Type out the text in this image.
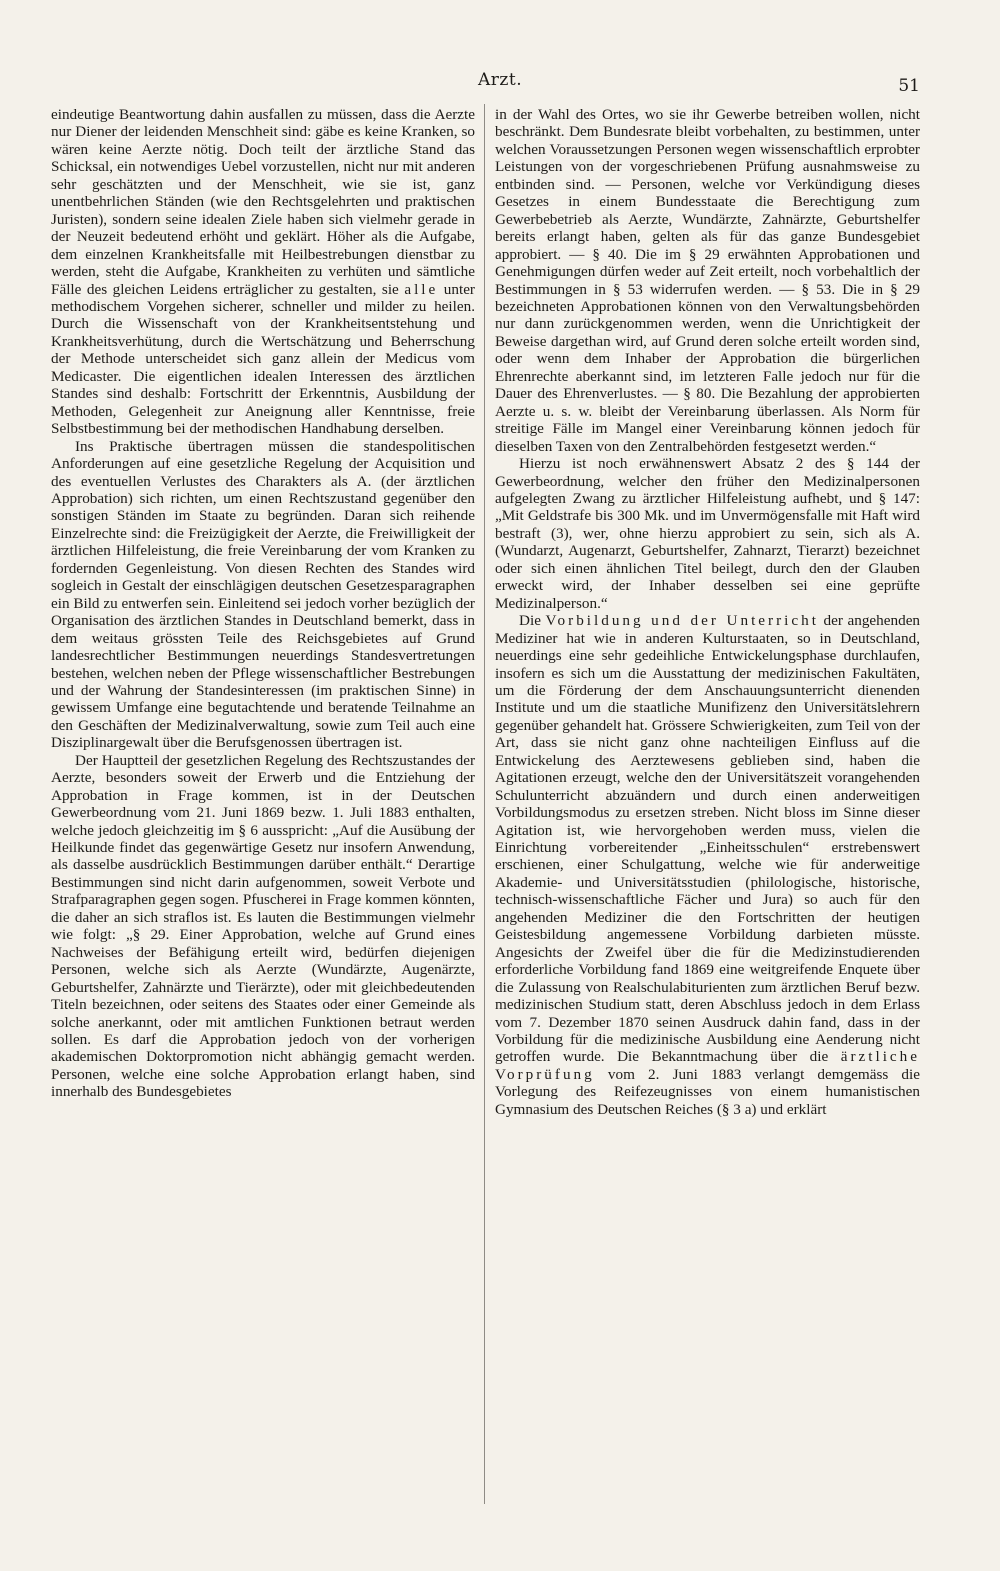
Arzt.	51

eindeutige Beantwortung dahin ausfallen zu müssen, dass die Aerzte nur Diener der leidenden Menschheit sind: gäbe es keine Kranken, so wären keine Aerzte nötig. Doch teilt der ärztliche Stand das Schicksal, ein notwendiges Uebel vorzustellen, nicht nur mit anderen sehr geschätzten und der Menschheit, wie sie ist, ganz unentbehrlichen Ständen (wie den Rechtsgelehrten und praktischen Juristen), sondern seine idealen Ziele haben sich vielmehr gerade in der Neuzeit bedeutend erhöht und geklärt. Höher als die Aufgabe, dem einzelnen Krankheitsfalle mit Heilbestrebungen dienstbar zu werden, steht die Aufgabe, Krankheiten zu verhüten und sämtliche Fälle des gleichen Leidens erträglicher zu gestalten, sie alle unter methodischem Vorgehen sicherer, schneller und milder zu heilen. Durch die Wissenschaft von der Krankheitsentstehung und Krankheitsverhütung, durch die Wertschätzung und Beherrschung der Methode unterscheidet sich ganz allein der Medicus vom Medicaster. Die eigentlichen idealen Interessen des ärztlichen Standes sind deshalb: Fortschritt der Erkenntnis, Ausbildung der Methoden, Gelegenheit zur Aneignung aller Kenntnisse, freie Selbstbestimmung bei der methodischen Handhabung derselben.

Ins Praktische übertragen müssen die standespolitischen Anforderungen auf eine gesetzliche Regelung der Acquisition und des eventuellen Verlustes des Charakters als A. (der ärztlichen Approbation) sich richten, um einen Rechtszustand gegenüber den sonstigen Ständen im Staate zu begründen. Daran sich reihende Einzelrechte sind: die Freizügigkeit der Aerzte, die Freiwilligkeit der ärztlichen Hilfeleistung, die freie Vereinbarung der vom Kranken zu fordernden Gegenleistung. Von diesen Rechten des Standes wird sogleich in Gestalt der einschlägigen deutschen Gesetzesparagraphen ein Bild zu entwerfen sein. Einleitend sei jedoch vorher bezüglich der Organisation des ärztlichen Standes in Deutschland bemerkt, dass in dem weitaus grössten Teile des Reichsgebietes auf Grund landesrechtlicher Bestimmungen neuerdings Standesvertretungen bestehen, welchen neben der Pflege wissenschaftlicher Bestrebungen und der Wahrung der Standesinteressen (im praktischen Sinne) in gewissem Umfange eine begutachtende und beratende Teilnahme an den Geschäften der Medizinalverwaltung, sowie zum Teil auch eine Disziplinargewalt über die Berufsgenossen übertragen ist.

Der Hauptteil der gesetzlichen Regelung des Rechtszustandes der Aerzte, besonders soweit der Erwerb und die Entziehung der Approbation in Frage kommen, ist in der Deutschen Gewerbeordnung vom 21. Juni 1869 bezw. 1. Juli 1883 enthalten, welche jedoch gleichzeitig im § 6 ausspricht: „Auf die Ausübung der Heilkunde findet das gegenwärtige Gesetz nur insofern Anwendung, als dasselbe ausdrücklich Bestimmungen darüber enthält.“ Derartige Bestimmungen sind nicht darin aufgenommen, soweit Verbote und Strafparagraphen gegen sogen. Pfuscherei in Frage kommen könnten, die daher an sich straflos ist. Es lauten die Bestimmungen vielmehr wie folgt: „§ 29. Einer Approbation, welche auf Grund eines Nachweises der Befähigung erteilt wird, bedürfen diejenigen Personen, welche sich als Aerzte (Wundärzte, Augenärzte, Geburtshelfer, Zahnärzte und Tierärzte), oder mit gleichbedeutenden Titeln bezeichnen, oder seitens des Staates oder einer Gemeinde als solche anerkannt, oder mit amtlichen Funktionen betraut werden sollen. Es darf die Approbation jedoch von der vorherigen akademischen Doktorpromotion nicht abhängig gemacht werden. Personen, welche eine solche Approbation erlangt haben, sind innerhalb des Bundesgebietes

in der Wahl des Ortes, wo sie ihr Gewerbe betreiben wollen, nicht beschränkt. Dem Bundesrate bleibt vorbehalten, zu bestimmen, unter welchen Voraussetzungen Personen wegen wissenschaftlich erprobter Leistungen von der vorgeschriebenen Prüfung ausnahmsweise zu entbinden sind. — Personen, welche vor Verkündigung dieses Gesetzes in einem Bundesstaate die Berechtigung zum Gewerbebetrieb als Aerzte, Wundärzte, Zahnärzte, Geburtshelfer bereits erlangt haben, gelten als für das ganze Bundesgebiet approbiert. — § 40. Die im § 29 erwähnten Approbationen und Genehmigungen dürfen weder auf Zeit erteilt, noch vorbehaltlich der Bestimmungen in § 53 widerrufen werden. — § 53. Die in § 29 bezeichneten Approbationen können von den Verwaltungsbehörden nur dann zurückgenommen werden, wenn die Unrichtigkeit der Beweise dargethan wird, auf Grund deren solche erteilt worden sind, oder wenn dem Inhaber der Approbation die bürgerlichen Ehrenrechte aberkannt sind, im letzteren Falle jedoch nur für die Dauer des Ehrenverlustes. — § 80. Die Bezahlung der approbierten Aerzte u. s. w. bleibt der Vereinbarung überlassen. Als Norm für streitige Fälle im Mangel einer Vereinbarung können jedoch für dieselben Taxen von den Zentralbehörden festgesetzt werden.“

Hierzu ist noch erwähnenswert Absatz 2 des § 144 der Gewerbeordnung, welcher den früher den Medizinalpersonen aufgelegten Zwang zu ärztlicher Hilfeleistung aufhebt, und § 147: „Mit Geldstrafe bis 300 Mk. und im Unvermögensfalle mit Haft wird bestraft (3), wer, ohne hierzu approbiert zu sein, sich als A. (Wundarzt, Augenarzt, Geburtshelfer, Zahnarzt, Tierarzt) bezeichnet oder sich einen ähnlichen Titel beilegt, durch den der Glauben erweckt wird, der Inhaber desselben sei eine geprüfte Medizinalperson.“

Die Vorbildung und der Unterricht der angehenden Mediziner hat wie in anderen Kulturstaaten, so in Deutschland, neuerdings eine sehr gedeihliche Entwickelungsphase durchlaufen, insofern es sich um die Ausstattung der medizinischen Fakultäten, um die Förderung der dem Anschauungsunterricht dienenden Institute und um die staatliche Munifizenz den Universitätslehrern gegenüber gehandelt hat. Grössere Schwierigkeiten, zum Teil von der Art, dass sie nicht ganz ohne nachteiligen Einfluss auf die Entwickelung des Aerztewesens geblieben sind, haben die Agitationen erzeugt, welche den der Universitätszeit vorangehenden Schulunterricht abzuändern und durch einen anderweitigen Vorbildungsmodus zu ersetzen streben. Nicht bloss im Sinne dieser Agitation ist, wie hervorgehoben werden muss, vielen die Einrichtung vorbereitender „Einheitsschulen“ erstrebenswert erschienen, einer Schulgattung, welche wie für anderweitige Akademie- und Universitätsstudien (philologische, historische, technisch-wissenschaftliche Fächer und Jura) so auch für den angehenden Mediziner die den Fortschritten der heutigen Geistesbildung angemessene Vorbildung darbieten müsste. Angesichts der Zweifel über die für die Medizinstudierenden erforderliche Vorbildung fand 1869 eine weitgreifende Enquete über die Zulassung von Realschulabiturienten zum ärztlichen Beruf bezw. medizinischen Studium statt, deren Abschluss jedoch in dem Erlass vom 7. Dezember 1870 seinen Ausdruck dahin fand, dass in der Vorbildung für die medizinische Ausbildung eine Aenderung nicht getroffen wurde. Die Bekanntmachung über die ärztliche Vorprüfung vom 2. Juni 1883 verlangt demgemäss die Vorlegung des Reifezeugnisses von einem humanistischen Gymnasium des Deutschen Reiches (§ 3 a) und erklärt
